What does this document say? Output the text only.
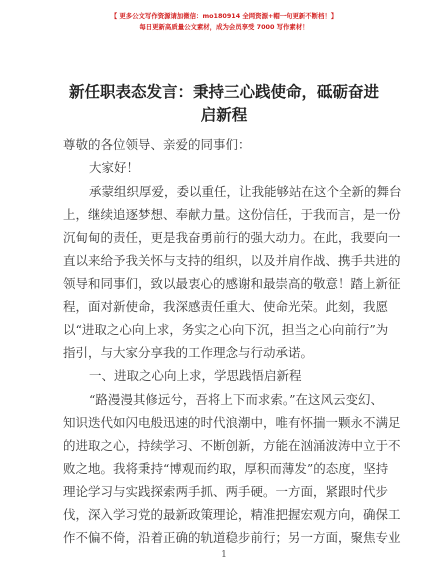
【 更多公文写作资源请加微信：mo180914 全网资源+帽一句更新不断档！】
每日更新高质量公文素材，成为会员享受 7000 写作素材！
新任职表态发言：秉持三心践使命，砥砺奋进
启新程
尊敬的各位领导、亲爱的同事们：
大家好！
承蒙组织厚爱，委以重任，让我能够站在这个全新的舞台
上，继续追逐梦想、奉献力量。这份信任，于我而言，是一份
沉甸甸的责任，更是我奋勇前行的强大动力。在此，我要向一
直以来给予我关怀与支持的组织，以及并肩作战、携手共进的
领导和同事们，致以最衷心的感谢和最崇高的敬意！踏上新征
程，面对新使命，我深感责任重大、使命光荣。此刻，我愿
以“进取之心向上求，务实之心向下沉，担当之心向前行”为
指引，与大家分享我的工作理念与行动承诺。
一、进取之心向上求，学思践悟启新程
“路漫漫其修远兮，吾将上下而求索。”在这风云变幻、
知识迭代如闪电般迅速的时代浪潮中，唯有怀揣一颗永不满足
的进取之心，持续学习、不断创新，方能在汹涌波涛中立于不
败之地。我将秉持“博观而约取，厚积而薄发”的态度，坚持
理论学习与实践探索两手抓、两手硬。一方面，紧跟时代步
伐，深入学习党的最新政策理论，精准把握宏观方向，确保工
作不偏不倚，沿着正确的轨道稳步前行；另一方面，聚焦专业
1
